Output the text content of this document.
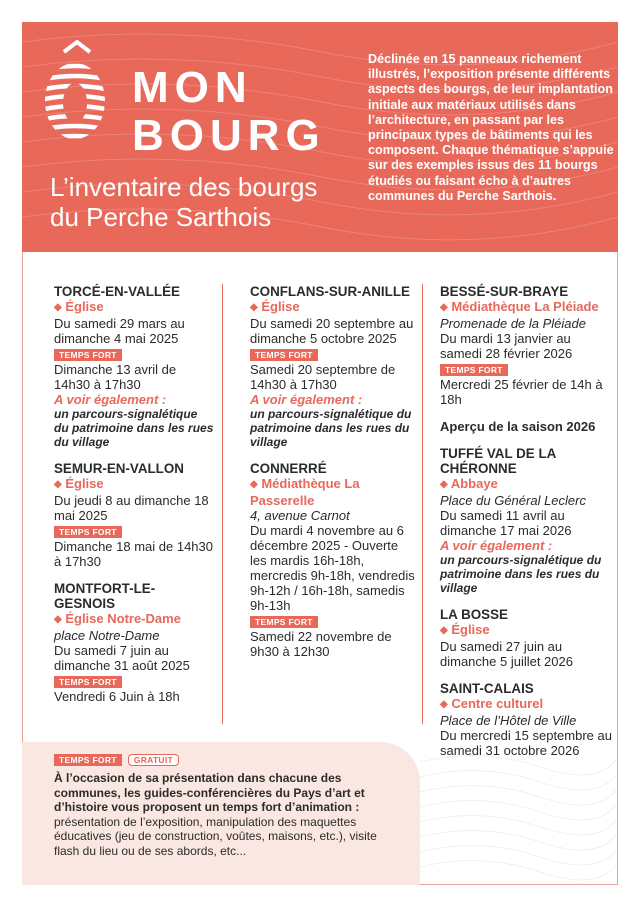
MON
BOURG
L’inventaire des bourgs
du Perche Sarthois
Déclinée en 15 panneaux richement illustrés, l’exposition présente différents aspects des bourgs, de leur implantation initiale aux matériaux utilisés dans l’architecture, en passant par les principaux types de bâtiments qui les composent. Chaque thématique s’appuie sur des exemples issus des 11 bourgs étudiés ou faisant écho à d’autres communes du Perche Sarthois.
TORCÉ-EN-VALLÉE
◆ Église
Du samedi 29 mars au dimanche 4 mai 2025
TEMPS FORT
Dimanche 13 avril de 14h30 à 17h30
A voir également :
un parcours-signalétique du patrimoine dans les rues du village
SEMUR-EN-VALLON
◆ Église
Du jeudi 8 au dimanche 18 mai 2025
TEMPS FORT
Dimanche 18 mai de 14h30 à 17h30
MONTFORT-LE-GESNOIS
◆ Église Notre-Dame
place Notre-Dame
Du samedi 7 juin au dimanche 31 août 2025
TEMPS FORT
Vendredi 6 Juin à 18h
CONFLANS-SUR-ANILLE
◆ Église
Du samedi 20 septembre au dimanche 5 octobre 2025
TEMPS FORT
Samedi 20 septembre de 14h30 à 17h30
A voir également :
un parcours-signalétique du patrimoine dans les rues du village
CONNERRÉ
◆ Médiathèque La Passerelle
4, avenue Carnot
Du mardi 4 novembre au 6 décembre 2025 - Ouverte les mardis 16h-18h, mercredis 9h-18h, vendredis 9h-12h / 16h-18h, samedis 9h-13h
TEMPS FORT
Samedi 22 novembre de 9h30 à 12h30
BESSÉ-SUR-BRAYE
◆ Médiathèque La Pléiade
Promenade de la Pléiade
Du mardi 13 janvier au samedi 28 février 2026
TEMPS FORT
Mercredi 25 février de 14h à 18h
Aperçu de la saison 2026
TUFFÉ VAL DE LA CHÉRONNE
◆ Abbaye
Place du Général Leclerc
Du samedi 11 avril au dimanche 17 mai 2026
A voir également :
un parcours-signalétique du patrimoine dans les rues du village
LA BOSSE
◆ Église
Du samedi 27 juin au dimanche 5 juillet 2026
SAINT-CALAIS
◆ Centre culturel
Place de l’Hôtel de Ville
Du mercredi 15 septembre au samedi 31 octobre 2026
TEMPS FORT GRATUIT
À l’occasion de sa présentation dans chacune des communes, les guides-conférencières du Pays d’art et d’histoire vous proposent un temps fort d’animation : présentation de l’exposition, manipulation des maquettes éducatives (jeu de construction, voûtes, maisons, etc.), visite flash du lieu ou de ses abords, etc...
